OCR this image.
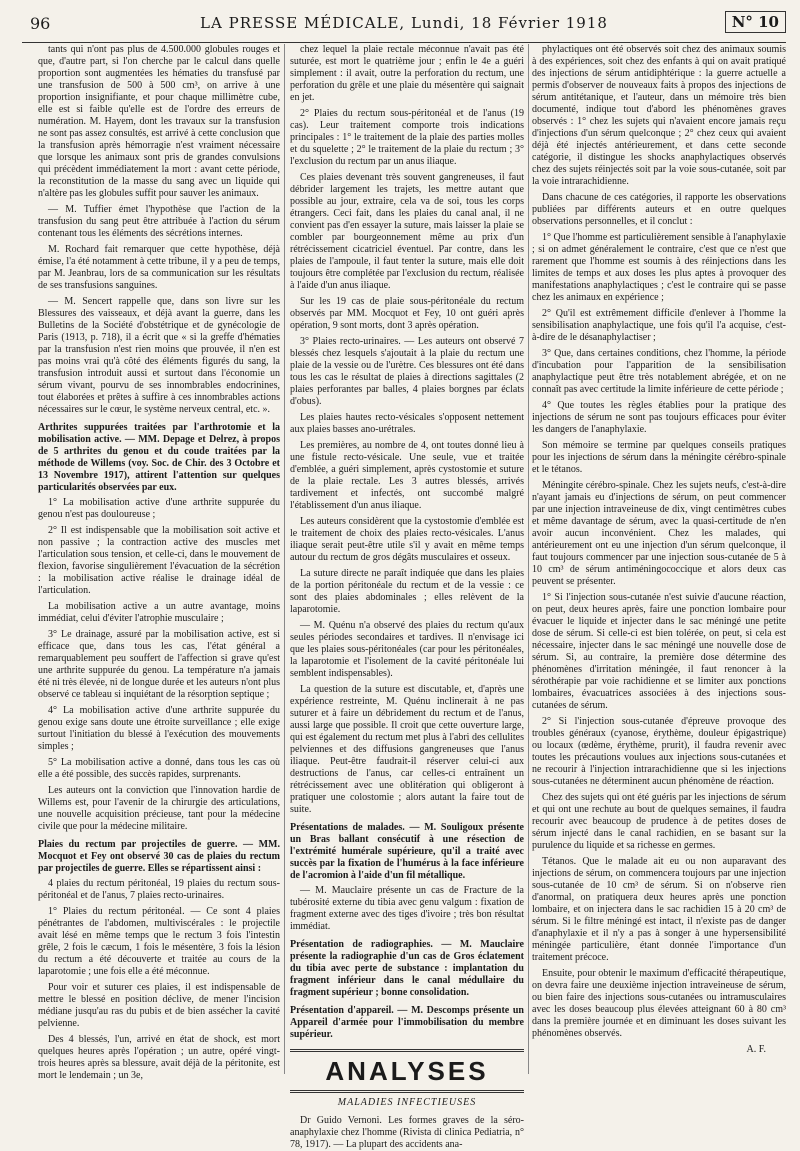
96	LA PRESSE MÉDICALE, Lundi, 18 Février 1918	N° 10

tants qui n'ont pas plus de 4.500.000 globules rouges et que, d'autre part, si l'on cherche par le calcul dans quelle proportion sont augmentées les hématies du transfusé par une transfusion de 500 à 500 cm³, on arrive à une proportion insignifiante, et pour chaque millimètre cube, elle est si faible qu'elle est de l'ordre des erreurs de numération. M. Hayem, dont les travaux sur la transfusion ne sont pas assez consultés, est arrivé à cette conclusion que la transfusion après hémorragie n'est vraiment nécessaire que lorsque les animaux sont pris de grandes convulsions qui précèdent immédiatement la mort : avant cette période, la reconstitution de la masse du sang avec un liquide qui n'altère pas les globules suffit pour sauver les animaux.

— M. Tuffier émet l'hypothèse que l'action de la transfusion du sang peut être attribuée à l'action du sérum contenant tous les éléments des sécrétions internes.

M. Rochard fait remarquer que cette hypothèse, déjà émise, l'a été notamment à cette tribune, il y a peu de temps, par M. Jeanbrau, lors de sa communication sur les résultats de ses transfusions sanguines.

— M. Sencert rappelle que, dans son livre sur les Blessures des vaisseaux, et déjà avant la guerre, dans les Bulletins de la Société d'obstétrique et de gynécologie de Paris (1913, p. 718), il a écrit que « si la greffe d'hématies par la transfusion n'est rien moins que prouvée, il n'en est pas moins vrai qu'à côté des éléments figurés du sang, la transfusion introduit aussi et surtout dans l'économie un sérum vivant, pourvu de ses innombrables endocrinines, tout élaborées et prêtes à suffire à ces innombrables actions nécessaires sur le cœur, le système nerveux central, etc. ».

Arthrites suppurées traitées par l'arthrotomie et la mobilisation active. — MM. Depage et Delrez, à propos de 5 arthrites du genou et du coude traitées par la méthode de Willems (voy. Soc. de Chir. des 3 Octobre et 13 Novembre 1917), attirent l'attention sur quelques particularités observées par eux.

1° La mobilisation active d'une arthrite suppurée du genou n'est pas douloureuse ;

2° Il est indispensable que la mobilisation soit active et non passive ; la contraction active des muscles met l'articulation sous tension, et celle-ci, dans le mouvement de flexion, favorise singulièrement l'évacuation de la sécrétion : la mobilisation active réalise le drainage idéal de l'articulation.

La mobilisation active a un autre avantage, moins immédiat, celui d'éviter l'atrophie musculaire ;

3° Le drainage, assuré par la mobilisation active, est si efficace que, dans tous les cas, l'état général a remarquablement peu souffert de l'affection si grave qu'est une arthrite suppurée du genou. La température n'a jamais été ni très élevée, ni de longue durée et les auteurs n'ont plus observé ce tableau si inquiétant de la résorption septique ;

4° La mobilisation active d'une arthrite suppurée du genou exige sans doute une étroite surveillance ; elle exige surtout l'initiation du blessé à l'exécution des mouvements simples ;

5° La mobilisation active a donné, dans tous les cas où elle a été possible, des succès rapides, surprenants.

Les auteurs ont la conviction que l'innovation hardie de Willems est, pour l'avenir de la chirurgie des articulations, une nouvelle acquisition précieuse, tant pour la médecine civile que pour la médecine militaire.

Plaies du rectum par projectiles de guerre. — MM. Mocquot et Fey ont observé 30 cas de plaies du rectum par projectiles de guerre. Elles se répartissent ainsi :

4 plaies du rectum péritonéal, 19 plaies du rectum sous-péritonéal et de l'anus, 7 plaies recto-urinaires.

1° Plaies du rectum péritonéal. — Ce sont 4 plaies pénétrantes de l'abdomen, multiviscérales : le projectile avait lésé en même temps que le rectum 3 fois l'intestin grêle, 2 fois le cæcum, 1 fois le mésentère, 3 fois la lésion du rectum a été découverte et traitée au cours de la laparotomie ; une fois elle a été méconnue.

Pour voir et suturer ces plaies, il est indispensable de mettre le blessé en position déclive, de mener l'incision médiane jusqu'au ras du pubis et de bien assécher la cavité pelvienne.

Des 4 blessés, l'un, arrivé en état de shock, est mort quelques heures après l'opération ; un autre, opéré vingt-trois heures après sa blessure, avait déjà de la péritonite, est mort le lendemain ; un 3e,

chez lequel la plaie rectale méconnue n'avait pas été suturée, est mort le quatrième jour ; enfin le 4e a guéri simplement : il avait, outre la perforation du rectum, une perforation du grêle et une plaie du mésentère qui saignait en jet.

2° Plaies du rectum sous-péritonéal et de l'anus (19 cas). Leur traitement comporte trois indications principales : 1° le traitement de la plaie des parties molles et du squelette ; 2° le traitement de la plaie du rectum ; 3° l'exclusion du rectum par un anus iliaque.

Ces plaies devenant très souvent gangreneuses, il faut débrider largement les trajets, les mettre autant que possible au jour, extraire, cela va de soi, tous les corps étrangers. Ceci fait, dans les plaies du canal anal, il ne convient pas d'en essayer la suture, mais laisser la plaie se combler par bourgeonnement même au prix d'un rétrécissement cicatriciel éventuel. Par contre, dans les plaies de l'ampoule, il faut tenter la suture, mais elle doit toujours être complétée par l'exclusion du rectum, réalisée à l'aide d'un anus iliaque.

Sur les 19 cas de plaie sous-péritonéale du rectum observés par MM. Mocquot et Fey, 10 ont guéri après opération, 9 sont morts, dont 3 après opération.

3° Plaies recto-urinaires. — Les auteurs ont observé 7 blessés chez lesquels s'ajoutait à la plaie du rectum une plaie de la vessie ou de l'urètre. Ces blessures ont été dans tous les cas le résultat de plaies à directions sagittales (2 plaies perforantes par balles, 4 plaies borgnes par éclats d'obus).

Les plaies hautes recto-vésicales s'opposent nettement aux plaies basses ano-urétrales.

Les premières, au nombre de 4, ont toutes donné lieu à une fistule recto-vésicale. Une seule, vue et traitée d'emblée, a guéri simplement, après cystostomie et suture de la plaie rectale. Les 3 autres blessés, arrivés tardivement et infectés, ont succombé malgré l'établissement d'un anus iliaque.

Les auteurs considèrent que la cystostomie d'emblée est le traitement de choix des plaies recto-vésicales. L'anus iliaque serait peut-être utile s'il y avait en même temps autour du rectum de gros dégâts musculaires et osseux.

La suture directe ne paraît indiquée que dans les plaies de la portion péritonéale du rectum et de la vessie : ce sont des plaies abdominales ; elles relèvent de la laparotomie.

— M. Quénu n'a observé des plaies du rectum qu'aux seules périodes secondaires et tardives. Il n'envisage ici que les plaies sous-péritonéales (car pour les péritonéales, la laparotomie et l'isolement de la cavité péritonéale lui semblent indispensables).

La question de la suture est discutable, et, d'après une expérience restreinte, M. Quénu inclinerait à ne pas suturer et à faire un débridement du rectum et de l'anus, aussi large que possible. Il croit que cette ouverture large, qui est également du rectum met plus à l'abri des cellulites pelviennes et des diffusions gangreneuses que l'anus iliaque. Peut-être faudrait-il réserver celui-ci aux destructions de l'anus, car celles-ci entraînent un rétrécissement avec une oblitération qui obligeront à pratiquer une colostomie ; alors autant la faire tout de suite.

Présentations de malades. — M. Souligoux présente un Bras ballant consécutif à une résection de l'extrémité humérale supérieure, qu'il a traité avec succès par la fixation de l'humérus à la face inférieure de l'acromion à l'aide d'un fil métallique.

— M. Mauclaire présente un cas de Fracture de la tubérosité externe du tibia avec genu valgum : fixation de fragment externe avec des tiges d'ivoire ; très bon résultat immédiat.

Présentation de radiographies. — M. Mauclaire présente la radiographie d'un cas de Gros éclatement du tibia avec perte de substance : implantation du fragment inférieur dans le canal médullaire du fragment supérieur ; bonne consolidation.

Présentation d'appareil. — M. Descomps présente un Appareil d'armée pour l'immobilisation du membre supérieur.

ANALYSES
MALADIES INFECTIEUSES

Dr Guido Vernoni. Les formes graves de la séro-anaphylaxie chez l'homme (Rivista di clinica Pediatria, n° 78, 1917). — La plupart des accidents ana-

phylactiques ont été observés soit chez des animaux soumis à des expériences, soit chez des enfants à qui on avait pratiqué des injections de sérum antidiphtérique : la guerre actuelle a permis d'observer de nouveaux faits à propos des injections de sérum antitétanique, et l'auteur, dans un mémoire très bien documenté, indique tout d'abord les phénomènes graves observés : 1° chez les sujets qui n'avaient encore jamais reçu d'injections d'un sérum quelconque ; 2° chez ceux qui avaient déjà été injectés antérieurement, et dans cette seconde catégorie, il distingue les shocks anaphylactiques observés chez des sujets réinjectés soit par la voie sous-cutanée, soit par la voie intrarachidienne.

Dans chacune de ces catégories, il rapporte les observations publiées par différents auteurs et en outre quelques observations personnelles, et il conclut :

1° Que l'homme est particulièrement sensible à l'anaphylaxie ; si on admet généralement le contraire, c'est que ce n'est que rarement que l'homme est soumis à des réinjections dans les limites de temps et aux doses les plus aptes à provoquer des manifestations anaphylactiques ; c'est le contraire qui se passe chez les animaux en expérience ;

2° Qu'il est extrêmement difficile d'enlever à l'homme la sensibilisation anaphylactique, une fois qu'il l'a acquise, c'est-à-dire de le désanaphylactiser ;

3° Que, dans certaines conditions, chez l'homme, la période d'incubation pour l'apparition de la sensibilisation anaphylactique peut être très notablement abrégée, et on ne connaît pas avec certitude la limite inférieure de cette période ;

4° Que toutes les règles établies pour la pratique des injections de sérum ne sont pas toujours efficaces pour éviter les dangers de l'anaphylaxie.

Son mémoire se termine par quelques conseils pratiques pour les injections de sérum dans la méningite cérébro-spinale et le tétanos.

Méningite cérébro-spinale. Chez les sujets neufs, c'est-à-dire n'ayant jamais eu d'injections de sérum, on peut commencer par une injection intraveineuse de dix, vingt centimètres cubes et même davantage de sérum, avec la quasi-certitude de n'en avoir aucun inconvénient. Chez les malades, qui antérieurement ont eu une injection d'un sérum quelconque, il faut toujours commencer par une injection sous-cutanée de 5 à 10 cm³ de sérum antiméningococcique et alors deux cas peuvent se présenter.

1° Si l'injection sous-cutanée n'est suivie d'aucune réaction, on peut, deux heures après, faire une ponction lombaire pour évacuer le liquide et injecter dans le sac méningé une petite dose de sérum. Si celle-ci est bien tolérée, on peut, si cela est nécessaire, injecter dans le sac méningé une nouvelle dose de sérum. Si, au contraire, la première dose détermine des phénomènes d'irritation méningée, il faut renoncer à la sérothérapie par voie rachidienne et se limiter aux ponctions lombaires, évacuatrices associées à des injections sous-cutanées de sérum.

2° Si l'injection sous-cutanée d'épreuve provoque des troubles généraux (cyanose, érythème, douleur épigastrique) ou locaux (œdème, érythème, prurit), il faudra revenir avec toutes les précautions voulues aux injections sous-cutanées et ne recourir à l'injection intrarachidienne que si les injections sous-cutanées ne déterminent aucun phénomène de réaction.

Chez des sujets qui ont été guéris par les injections de sérum et qui ont une rechute au bout de quelques semaines, il faudra recourir avec beaucoup de prudence à de petites doses de sérum injecté dans le canal rachidien, en se basant sur la purulence du liquide et sa richesse en germes.

Tétanos. Que le malade ait eu ou non auparavant des injections de sérum, on commencera toujours par une injection sous-cutanée de 10 cm³ de sérum. Si on n'observe rien d'anormal, on pratiquera deux heures après une ponction lombaire, et on injectera dans le sac rachidien 15 à 20 cm³ de sérum. Si le filtre méningé est intact, il n'existe pas de danger d'anaphylaxie et il n'y a pas à songer à une hypersensibilité méningée particulière, étant donnée l'importance d'un traitement précoce.

Ensuite, pour obtenir le maximum d'efficacité thérapeutique, on devra faire une deuxième injection intraveineuse de sérum, ou bien faire des injections sous-cutanées ou intramusculaires avec les doses beaucoup plus élevées atteignant 60 à 80 cm³ dans la première journée et en diminuant les doses suivant les phénomènes observés.

A. F.
